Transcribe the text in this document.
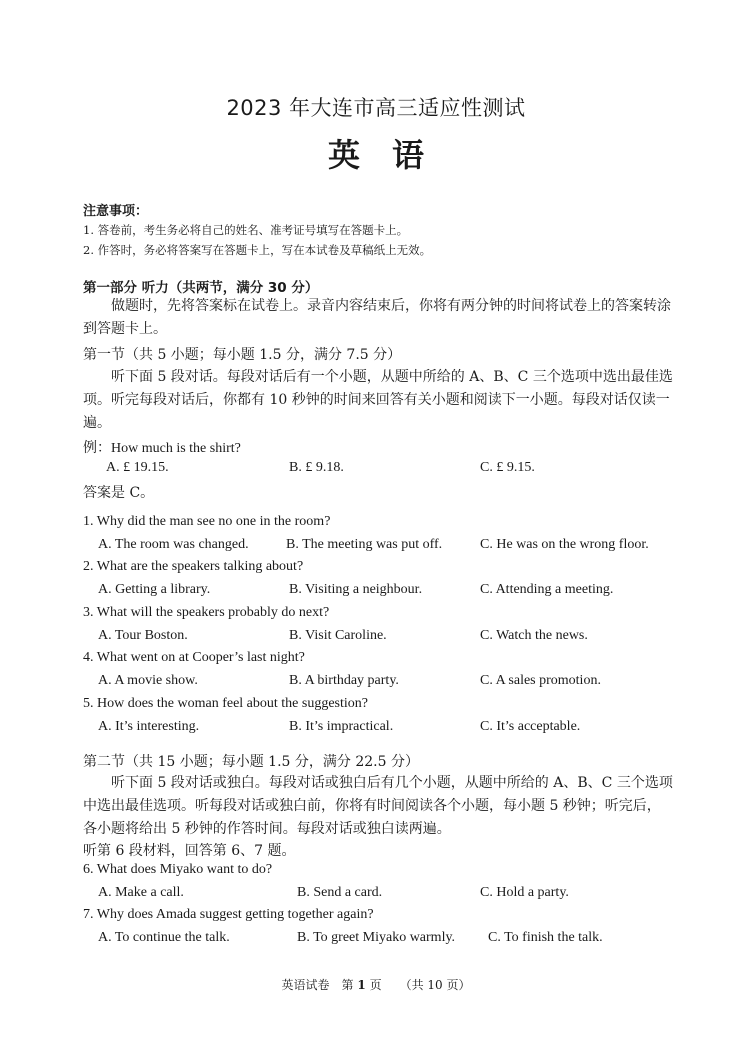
2023 年大连市高三适应性测试
英　语
注意事项：
1. 答卷前，考生务必将自己的姓名、准考证号填写在答题卡上。
2. 作答时，务必将答案写在答题卡上，写在本试卷及草稿纸上无效。
第一部分 听力（共两节，满分 30 分）
做题时，先将答案标在试卷上。录音内容结束后，你将有两分钟的时间将试卷上的答案转涂到答题卡上。
第一节（共 5 小题；每小题 1.5 分，满分 7.5 分）
听下面 5 段对话。每段对话后有一个小题，从题中所给的 A、B、C 三个选项中选出最佳选项。听完每段对话后，你都有 10 秒钟的时间来回答有关小题和阅读下一小题。每段对话仅读一遍。
例：How much is the shirt?
A. £ 19.15.	B. £ 9.18.	C. £ 9.15.
答案是 C。
1. Why did the man see no one in the room?
A. The room was changed.	B. The meeting was put off.	C. He was on the wrong floor.
2. What are the speakers talking about?
A. Getting a library.	B. Visiting a neighbour.	C. Attending a meeting.
3. What will the speakers probably do next?
A. Tour Boston.	B. Visit Caroline.	C. Watch the news.
4. What went on at Cooper’s last night?
A. A movie show.	B. A birthday party.	C. A sales promotion.
5. How does the woman feel about the suggestion?
A. It’s interesting.	B. It’s impractical.	C. It’s acceptable.
第二节（共 15 小题；每小题 1.5 分，满分 22.5 分）
听下面 5 段对话或独白。每段对话或独白后有几个小题，从题中所给的 A、B、C 三个选项中选出最佳选项。听每段对话或独白前，你将有时间阅读各个小题，每小题 5 秒钟；听完后，各小题将给出 5 秒钟的作答时间。每段对话或独白读两遍。
听第 6 段材料，回答第 6、7 题。
6. What does Miyako want to do?
A. Make a call.	B. Send a card.	C. Hold a party.
7. Why does Amada suggest getting together again?
A. To continue the talk.	B. To greet Miyako warmly. C. To finish the talk.
英语试卷　第 1 页　　（共 10 页）
